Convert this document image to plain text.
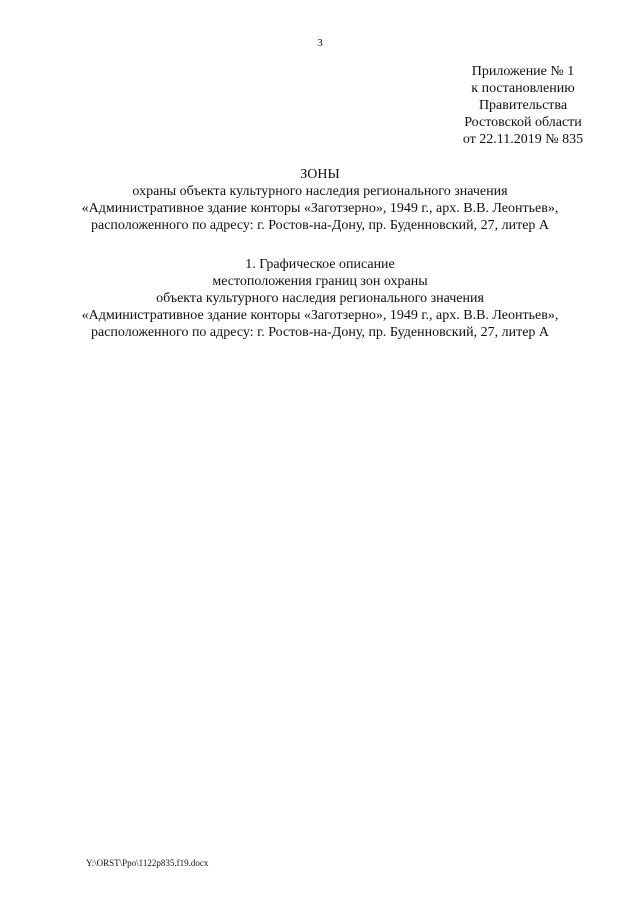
3
Приложение № 1
к постановлению
Правительства
Ростовской области
от 22.11.2019 № 835
ЗОНЫ
охраны объекта культурного наследия регионального значения
«Административное здание конторы «Заготзерно», 1949 г., арх. В.В. Леонтьев»,
расположенного по адресу: г. Ростов-на-Дону, пр. Буденновский, 27, литер А
1. Графическое описание
местоположения границ зон охраны
объекта культурного наследия регионального значения
«Административное здание конторы «Заготзерно», 1949 г., арх. В.В. Леонтьев»,
расположенного по адресу: г. Ростов-на-Дону, пр. Буденновский, 27, литер А
Y:\ORST\Ppo\1122p835.f19.docx
